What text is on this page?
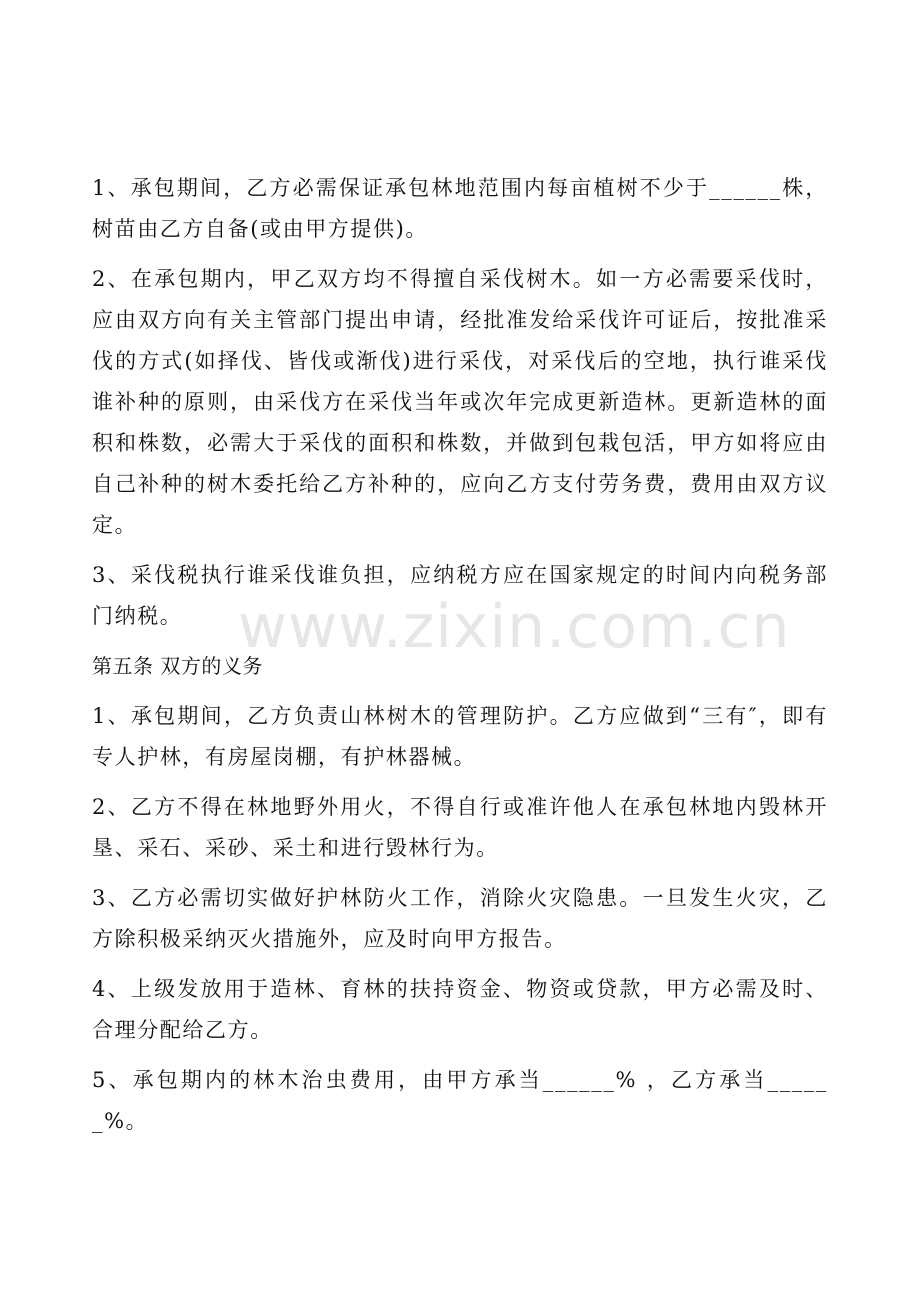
www.zixin.com.cn

1、承包期间，乙方必需保证承包林地范围内每亩植树不少于______株，树苗由乙方自备(或由甲方提供)。

2、在承包期内，甲乙双方均不得擅自采伐树木。如一方必需要采伐时，应由双方向有关主管部门提出申请，经批准发给采伐许可证后，按批准采伐的方式(如择伐、皆伐或渐伐)进行采伐，对采伐后的空地，执行谁采伐谁补种的原则，由采伐方在采伐当年或次年完成更新造林。更新造林的面积和株数，必需大于采伐的面积和株数，并做到包栽包活，甲方如将应由自己补种的树木委托给乙方补种的，应向乙方支付劳务费，费用由双方议定。

3、采伐税执行谁采伐谁负担，应纳税方应在国家规定的时间内向税务部门纳税。

第五条 双方的义务

1、承包期间，乙方负责山林树木的管理防护。乙方应做到“三有″，即有专人护林，有房屋岗棚，有护林器械。

2、乙方不得在林地野外用火，不得自行或准许他人在承包林地内毁林开垦、采石、采砂、采土和进行毁林行为。

3、乙方必需切实做好护林防火工作，消除火灾隐患。一旦发生火灾，乙方除积极采纳灭火措施外，应及时向甲方报告。

4、上级发放用于造林、育林的扶持资金、物资或贷款，甲方必需及时、合理分配给乙方。

5、承包期内的林木治虫费用，由甲方承当______% ，乙方承当______%。
